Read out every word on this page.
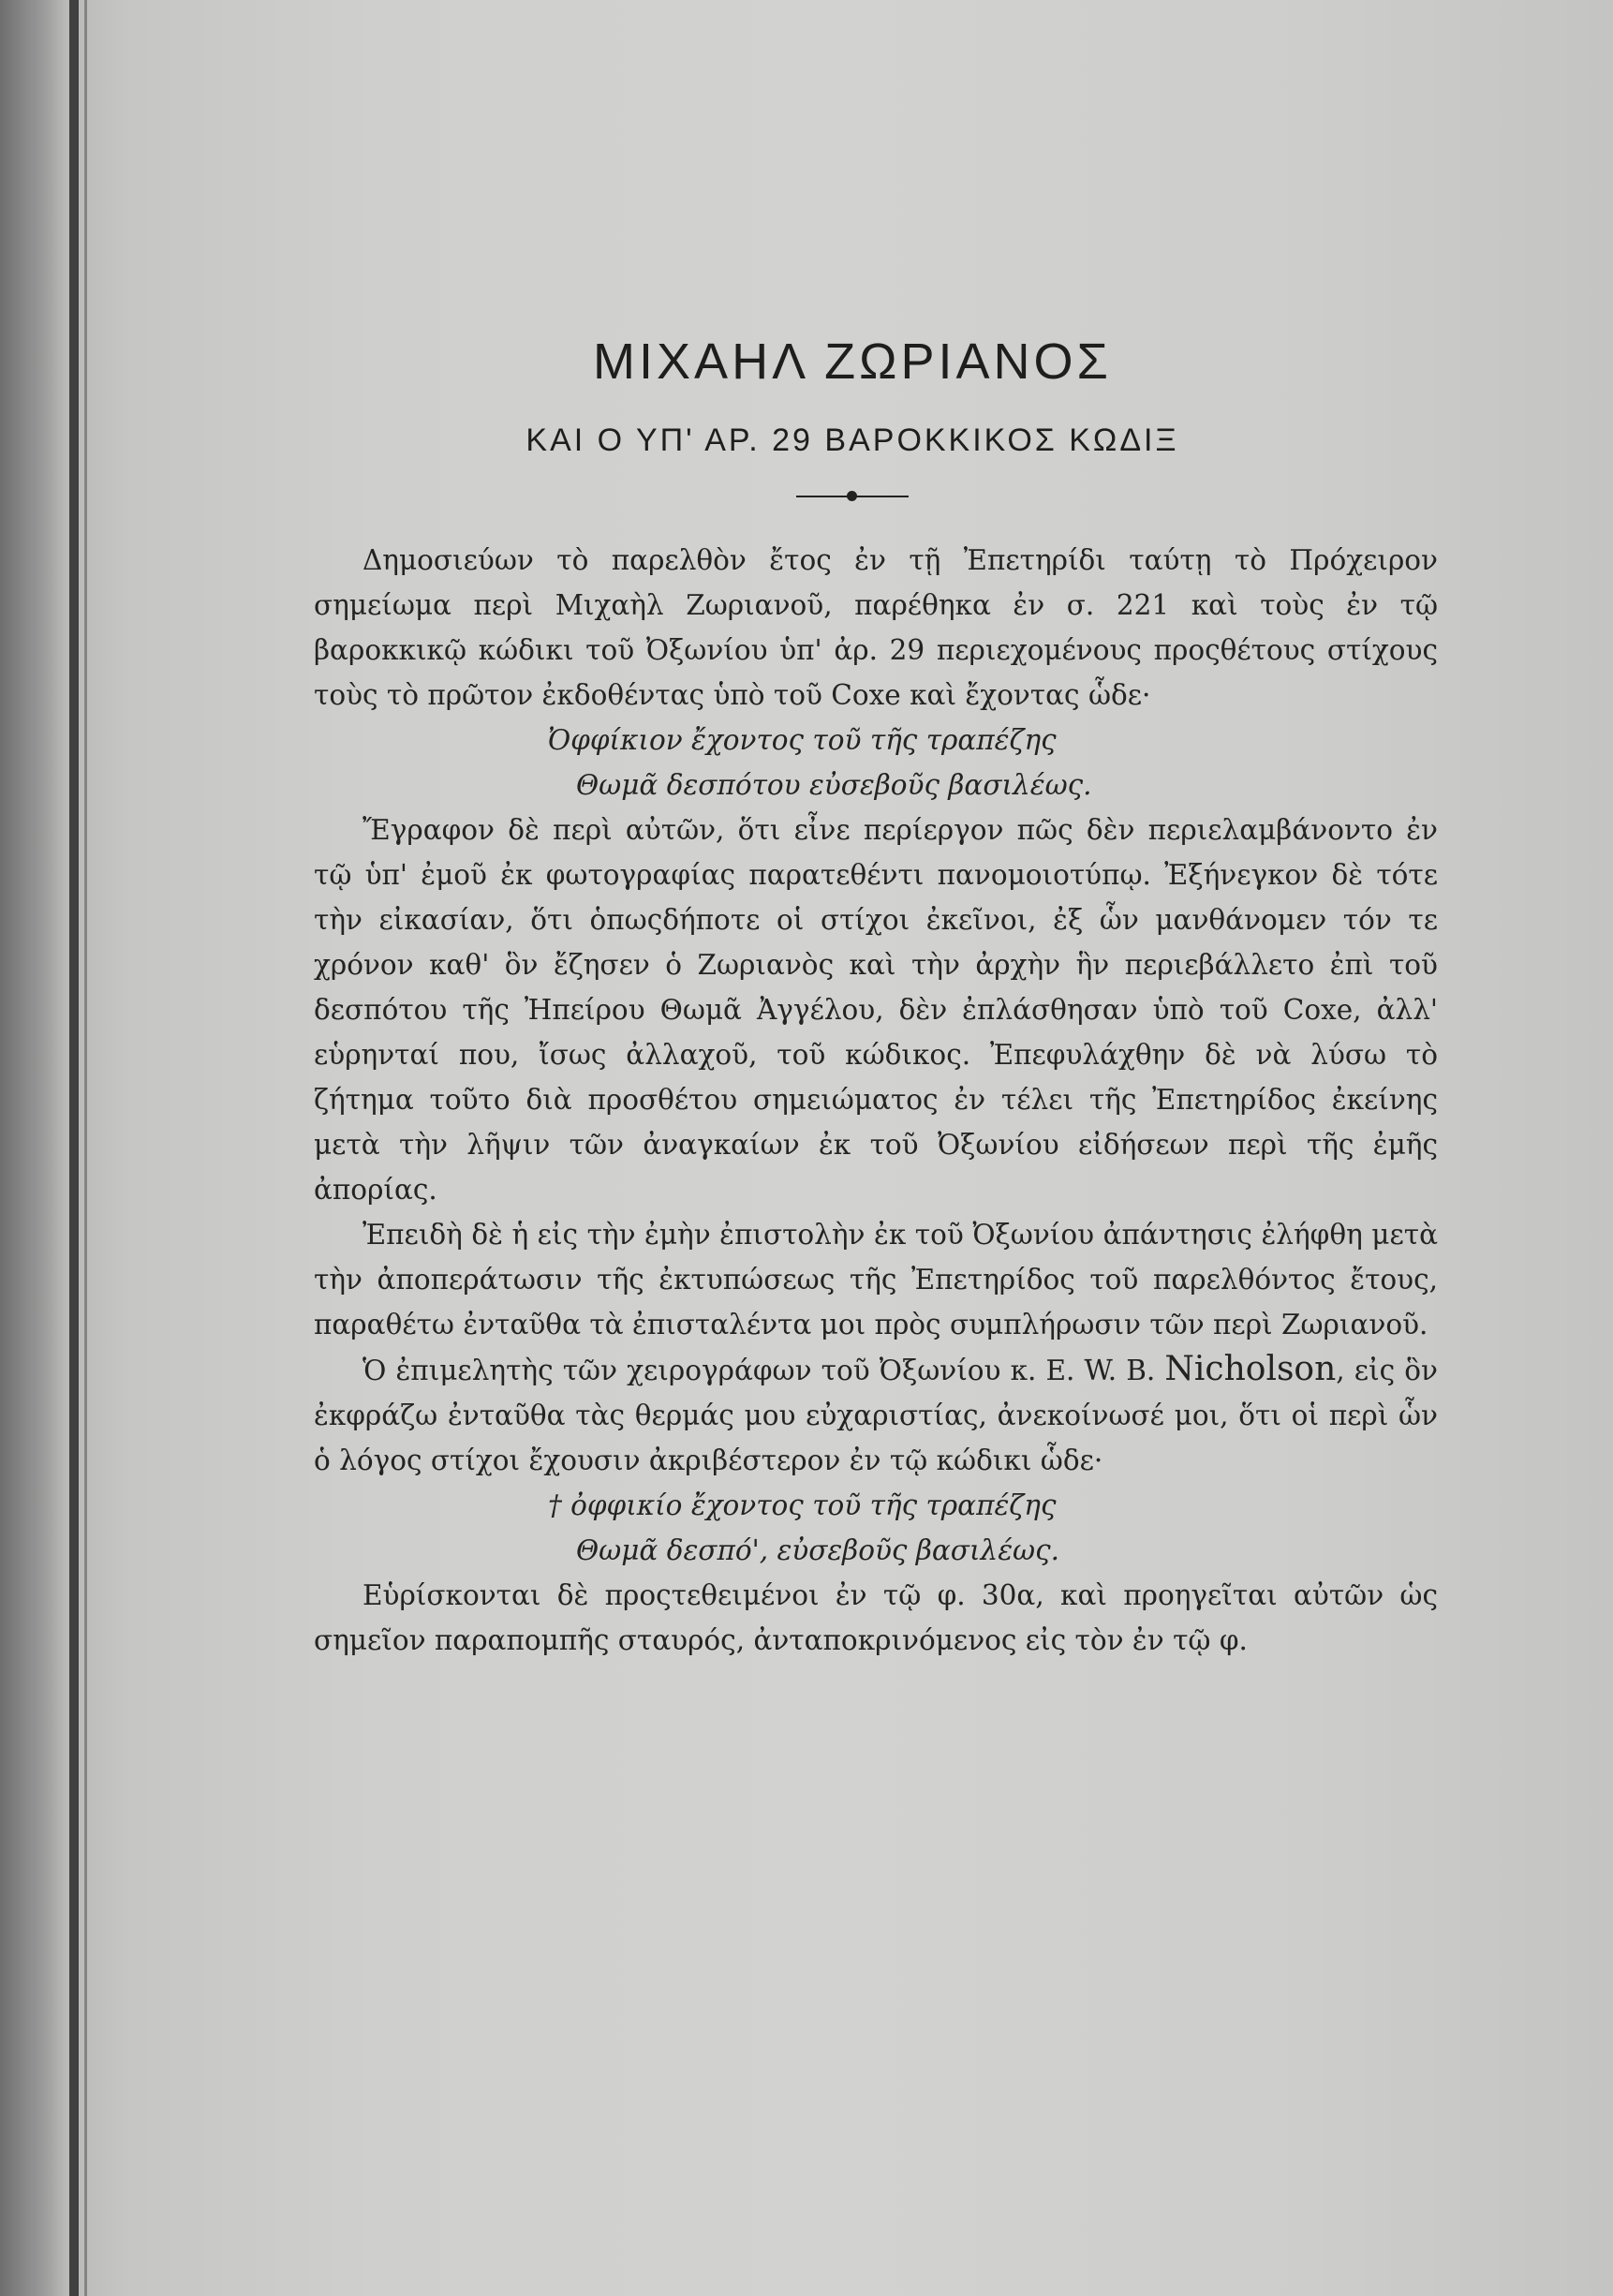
ΜΙΧΑΗΛ ΖΩΡΙΑΝΟΣ
ΚΑΙ Ο ΥΠ' ΑΡ. 29 ΒΑΡΟΚΚΙΚΟΣ ΚΩΔΙΞ

Δημοσιεύων τὸ παρελθὸν ἔτος ἐν τῇ Ἐπετηρίδι ταύτῃ τὸ Πρόχειρον σημείωμα περὶ Μιχαὴλ Ζωριανοῦ, παρέθηκα ἐν σ. 221 καὶ τοὺς ἐν τῷ βαροκκικῷ κώδικι τοῦ Ὀξωνίου ὑπ' ἀρ. 29 περιεχομένους προςθέτους στίχους τοὺς τὸ πρῶτον ἐκδοθέντας ὑπὸ τοῦ Coxe καὶ ἔχοντας ὧδε·

Ὀφφίκιον ἔχοντος τοῦ τῆς τραπέζης

Θωμᾶ δεσπότου εὐσεβοῦς βασιλέως.

Ἔγραφον δὲ περὶ αὐτῶν, ὅτι εἶνε περίεργον πῶς δὲν περιελαμβάνοντο ἐν τῷ ὑπ' ἐμοῦ ἐκ φωτογραφίας παρατεθέντι πανομοιοτύπῳ. Ἐξήνεγκον δὲ τότε τὴν εἰκασίαν, ὅτι ὁπωςδήποτε οἱ στίχοι ἐκεῖνοι, ἐξ ὧν μανθάνομεν τόν τε χρόνον καθ' ὃν ἔζησεν ὁ Ζωριανὸς καὶ τὴν ἀρχὴν ἣν περιεβάλλετο ἐπὶ τοῦ δεσπότου τῆς Ἠπείρου Θωμᾶ Ἀγγέλου, δὲν ἐπλάσθησαν ὑπὸ τοῦ Coxe, ἀλλ' εὑρηνταί που, ἴσως ἀλλαχοῦ, τοῦ κώδικος. Ἐπεφυλάχθην δὲ νὰ λύσω τὸ ζήτημα τοῦτο διὰ προσθέτου σημειώματος ἐν τέλει τῆς Ἐπετηρίδος ἐκείνης μετὰ τὴν λῆψιν τῶν ἀναγκαίων ἐκ τοῦ Ὀξωνίου εἰδήσεων περὶ τῆς ἐμῆς ἀπορίας.

Ἐπειδὴ δὲ ἡ εἰς τὴν ἐμὴν ἐπιστολὴν ἐκ τοῦ Ὀξωνίου ἀπάντησις ἐλήφθη μετὰ τὴν ἀποπεράτωσιν τῆς ἐκτυπώσεως τῆς Ἐπετηρίδος τοῦ παρελθόντος ἔτους, παραθέτω ἐνταῦθα τὰ ἐπισταλέντα μοι πρὸς συμπλήρωσιν τῶν περὶ Ζωριανοῦ.

Ὁ ἐπιμελητὴς τῶν χειρογράφων τοῦ Ὀξωνίου κ. E. W. B. Nicholson, εἰς ὃν ἐκφράζω ἐνταῦθα τὰς θερμάς μου εὐχαριστίας, ἀνεκοίνωσέ μοι, ὅτι οἱ περὶ ὧν ὁ λόγος στίχοι ἔχουσιν ἀκριβέστερον ἐν τῷ κώδικι ὧδε·

† ὀφφικίο ἔχοντος τοῦ τῆς τραπέζης

Θωμᾶ δεσπό', εὐσεβοῦς βασιλέως.

Εὑρίσκονται δὲ προςτεθειμένοι ἐν τῷ φ. 30α, καὶ προηγεῖται αὐτῶν ὡς σημεῖον παραπομπῆς σταυρός, ἀνταποκρινόμενος εἰς τὸν ἐν τῷ φ.
